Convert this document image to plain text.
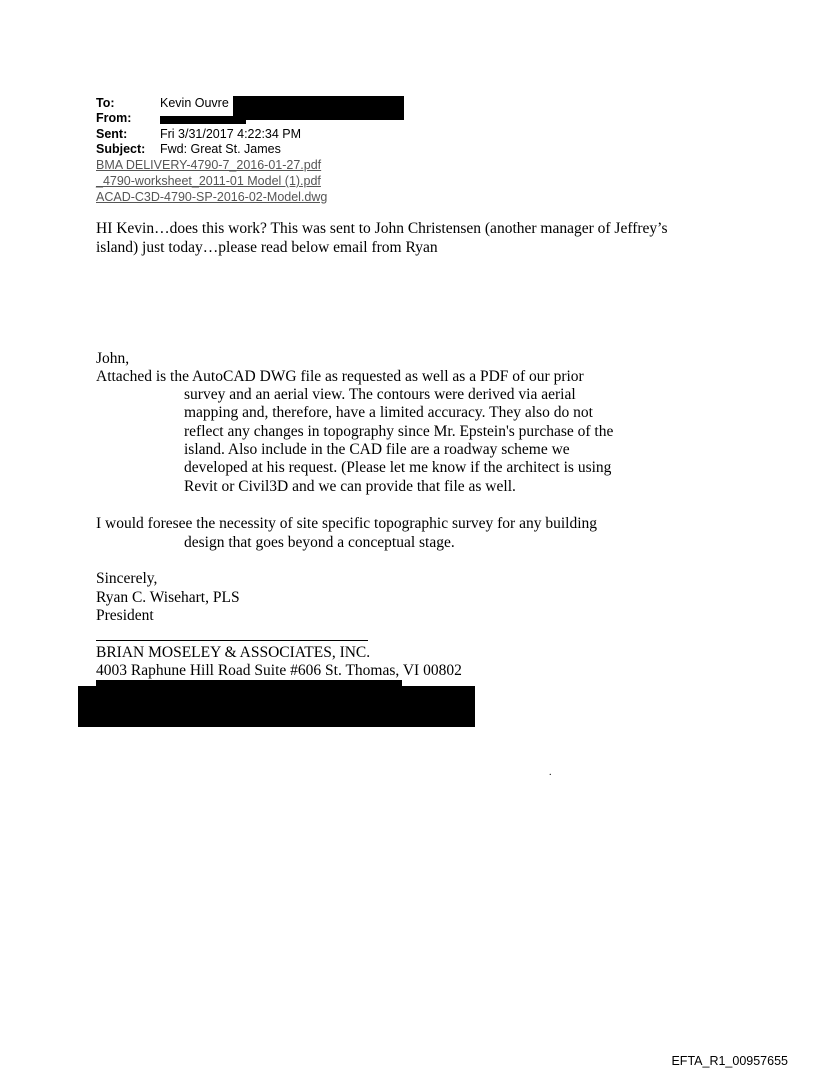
To:	Kevin Ouvre
From:
Sent:	Fri 3/31/2017 4:22:34 PM
Subject: Fwd: Great St. James
BMA DELIVERY-4790-7_2016-01-27.pdf
_4790-worksheet_2011-01 Model (1).pdf
ACAD-C3D-4790-SP-2016-02-Model.dwg
HI Kevin…does this work? This was sent to John Christensen (another manager of Jeffrey’s
island) just today…please read below email from Ryan
John,
Attached is the AutoCAD DWG file as requested as well as a PDF of our prior
survey and an aerial view. The contours were derived via aerial
mapping and, therefore, have a limited accuracy. They also do not
reflect any changes in topography since Mr. Epstein's purchase of the
island. Also include in the CAD file are a roadway scheme we
developed at his request. (Please let me know if the architect is using
Revit or Civil3D and we can provide that file as well.
I would foresee the necessity of site specific topographic survey for any building
design that goes beyond a conceptual stage.
Sincerely,
Ryan C. Wisehart, PLS
President
BRIAN MOSELEY & ASSOCIATES, INC.
4003 Raphune Hill Road Suite #606 St. Thomas, VI 00802
.
EFTA_R1_00957655
